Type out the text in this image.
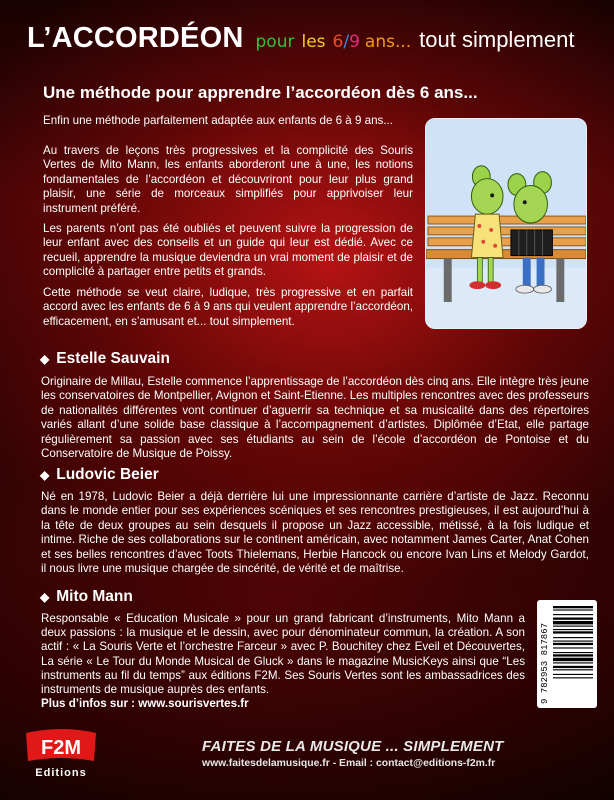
L’ACCORDÉON pour les 6 / 9 ans... tout simplement
Une méthode pour apprendre l’accordéon dès 6 ans...

Enfin une méthode parfaitement adaptée aux enfants de 6 à 9 ans...

Au travers de leçons très progressives et la complicité des Souris Vertes de Mito Mann, les enfants aborderont une à une, les notions fondamentales de l’accordéon et découvriront pour leur plus grand plaisir, une série de morceaux simplifiés pour apprivoiser leur instrument préféré.

Les parents n’ont pas été oubliés et peuvent suivre la progression de leur enfant avec des conseils et un guide qui leur est dédié. Avec ce recueil, apprendre la musique deviendra un vrai moment de plaisir et de complicité à partager entre petits et grands.

Cette méthode se veut claire, ludique, très progressive et en parfait accord avec les enfants de 6 à 9 ans qui veulent apprendre l’accordéon, efficacement, en s’amusant et... tout simplement.

◆ Estelle Sauvain

Originaire de Millau, Estelle commence l’apprentissage de l’accordéon dès cinq ans. Elle intègre très jeune les conservatoires de Montpellier, Avignon et Saint-Etienne. Les multiples rencontres avec des professeurs de nationalités différentes vont continuer d’aguerrir sa technique et sa musicalité dans des répertoires variés allant d’une solide base classique à l’accompagnement d’artistes. Diplômée d’Etat, elle partage régulièrement sa passion avec ses étudiants au sein de l’école d’accordéon de Pontoise et du Conservatoire de Musique de Poissy.

◆ Ludovic Beier

Né en 1978, Ludovic Beier a déjà derrière lui une impressionnante carrière d’artiste de Jazz. Reconnu dans le monde entier pour ses expériences scéniques et ses rencontres prestigieuses, il est aujourd’hui à la tête de deux groupes au sein desquels il propose un Jazz accessible, métissé, à la fois ludique et intime. Riche de ses collaborations sur le continent américain, avec notamment James Carter, Anat Cohen et ses belles rencontres d’avec Toots Thielemans, Herbie Hancock ou encore Ivan Lins et Melody Gardot, il nous livre une musique chargée de sincérité, de vérité et de maîtrise.

◆ Mito Mann
Responsable « Education Musicale » pour un grand fabricant d’instruments, Mito Mann a deux passions : la musique et le dessin, avec pour dénominateur commun, la création. A son actif : « La Souris Verte et l’orchestre Farceur » avec P. Bouchitey chez Eveil et Découvertes, La série « Le Tour du Monde Musical de Gluck » dans le magazine MusicKeys ainsi que “Les instruments au fil du temps” aux éditions F2M. Ses Souris Vertes sont les ambassadrices des instruments de musique auprès des enfants.
Plus d’infos sur : www.sourisvertes.fr	9 782953 817867
F2M
Editions
FAITES DE LA MUSIQUE ... SIMPLEMENT
www.faitesdelamusique.fr - Email : contact@editions-f2m.fr
